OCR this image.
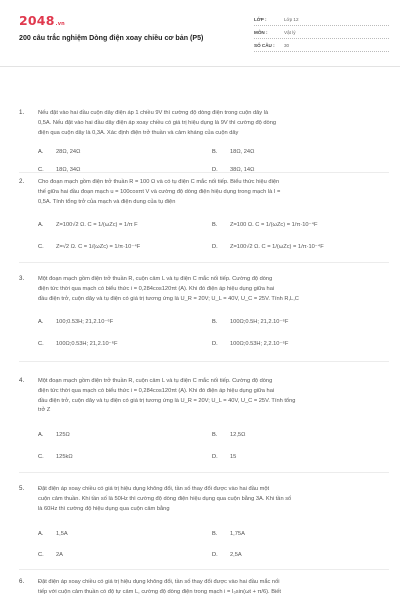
2048.vn
200 câu trắc nghiệm Dòng điện xoay chiều cơ bản (P5)
LỚP :	Lớp 12
MÔN :	Vật lý
SỐ CÂU : 30
1. Nếu đặt vào hai đầu cuộn dây điện áp 1 chiều 9V thì cường độ dòng điện trong cuộn dây là
0,5A. Nếu đặt vào hai đầu dây điện áp xoay chiều có giá trị hiệu dụng là 9V thì cường độ dòng
điện qua cuộn dây là 0,3A. Xác định điện trở thuần và cảm kháng của cuộn dây
A. 28Ω, 24Ω	B. 18Ω, 24Ω
C. 18Ω, 34Ω	D. 38Ω, 14Ω
2. Cho đoạn mạch gồm điện trở thuần R = 100 Ω và có tụ điện C mắc nối tiếp. Biểu thức hiệu điện
thế giữa hai đầu đoạn mạch u = 100cosπt V và cường độ dòng điện hiệu dụng trong mạch là I =
0,5A. Tính tổng trở của mạch và điện dung của tụ điện
A. Z=100√2 Ω. C = 1/(ωZc) = 1/π F	B. Z=100 Ω. C = 1/(ωZc) = 1/π·10⁻⁴F
C. Z=√2 Ω. C = 1/(ωZc) = 1/π·10⁻⁴F	D. Z=100√2 Ω. C = 1/(ωZc) = 1/π·10⁻⁴F
3. Một đoạn mạch gồm điện trở thuần R, cuộn cảm L và tụ điện C mắc nối tiếp. Cường độ dòng
điện tức thời qua mạch có biểu thức i = 0,284cos120πt (A). Khi đó điện áp hiệu dụng giữa hai
đầu điện trở, cuộn dây và tụ điện có giá trị tương ứng là U_R = 20V; U_L = 40V, U_C = 25V. Tính R,L,C
A. 100;0.53H; 21,2.10⁻⁶F	B. 100Ω;0.5H; 21,2.10⁻⁶F
C. 100Ω;0.53H; 21,2.10⁻⁶F	D. 100Ω;0.53H; 2,2.10⁻⁶F
4. Một đoạn mạch gồm điện trở thuần R, cuộn cảm L và tụ điện C mắc nối tiếp. Cường độ dòng
điện tức thời qua mạch có biểu thức i = 0,284cos120πt (A). Khi đó điện áp hiệu dụng giữa hai
đầu điện trở, cuộn dây và tụ điện có giá trị tương ứng là U_R = 20V; U_L = 40V, U_C = 25V. Tính tổng
trở Z
A. 125Ω	B. 12,5Ω
C. 125kΩ	D. 15
5. Đặt điện áp xoay chiều có giá trị hiệu dụng không đổi, tần số thay đổi được vào hai đầu một
cuộn cảm thuần. Khi tần số là 50Hz thì cường độ dòng điện hiệu dụng qua cuộn bằng 3A. Khi tần số
là 60Hz thì cường độ hiệu dụng qua cuộn cảm bằng
A. 1,5A	B. 1,75A
C. 2A	D. 2,5A
6. Đặt điện áp xoay chiều có giá trị hiệu dụng không đổi, tần số thay đổi được vào hai đầu mắc nối
tiếp với cuộn cảm thuần có độ tự cảm L, cường độ dòng điện trong mạch i = I₀sin(ωt + π/6). Biết
